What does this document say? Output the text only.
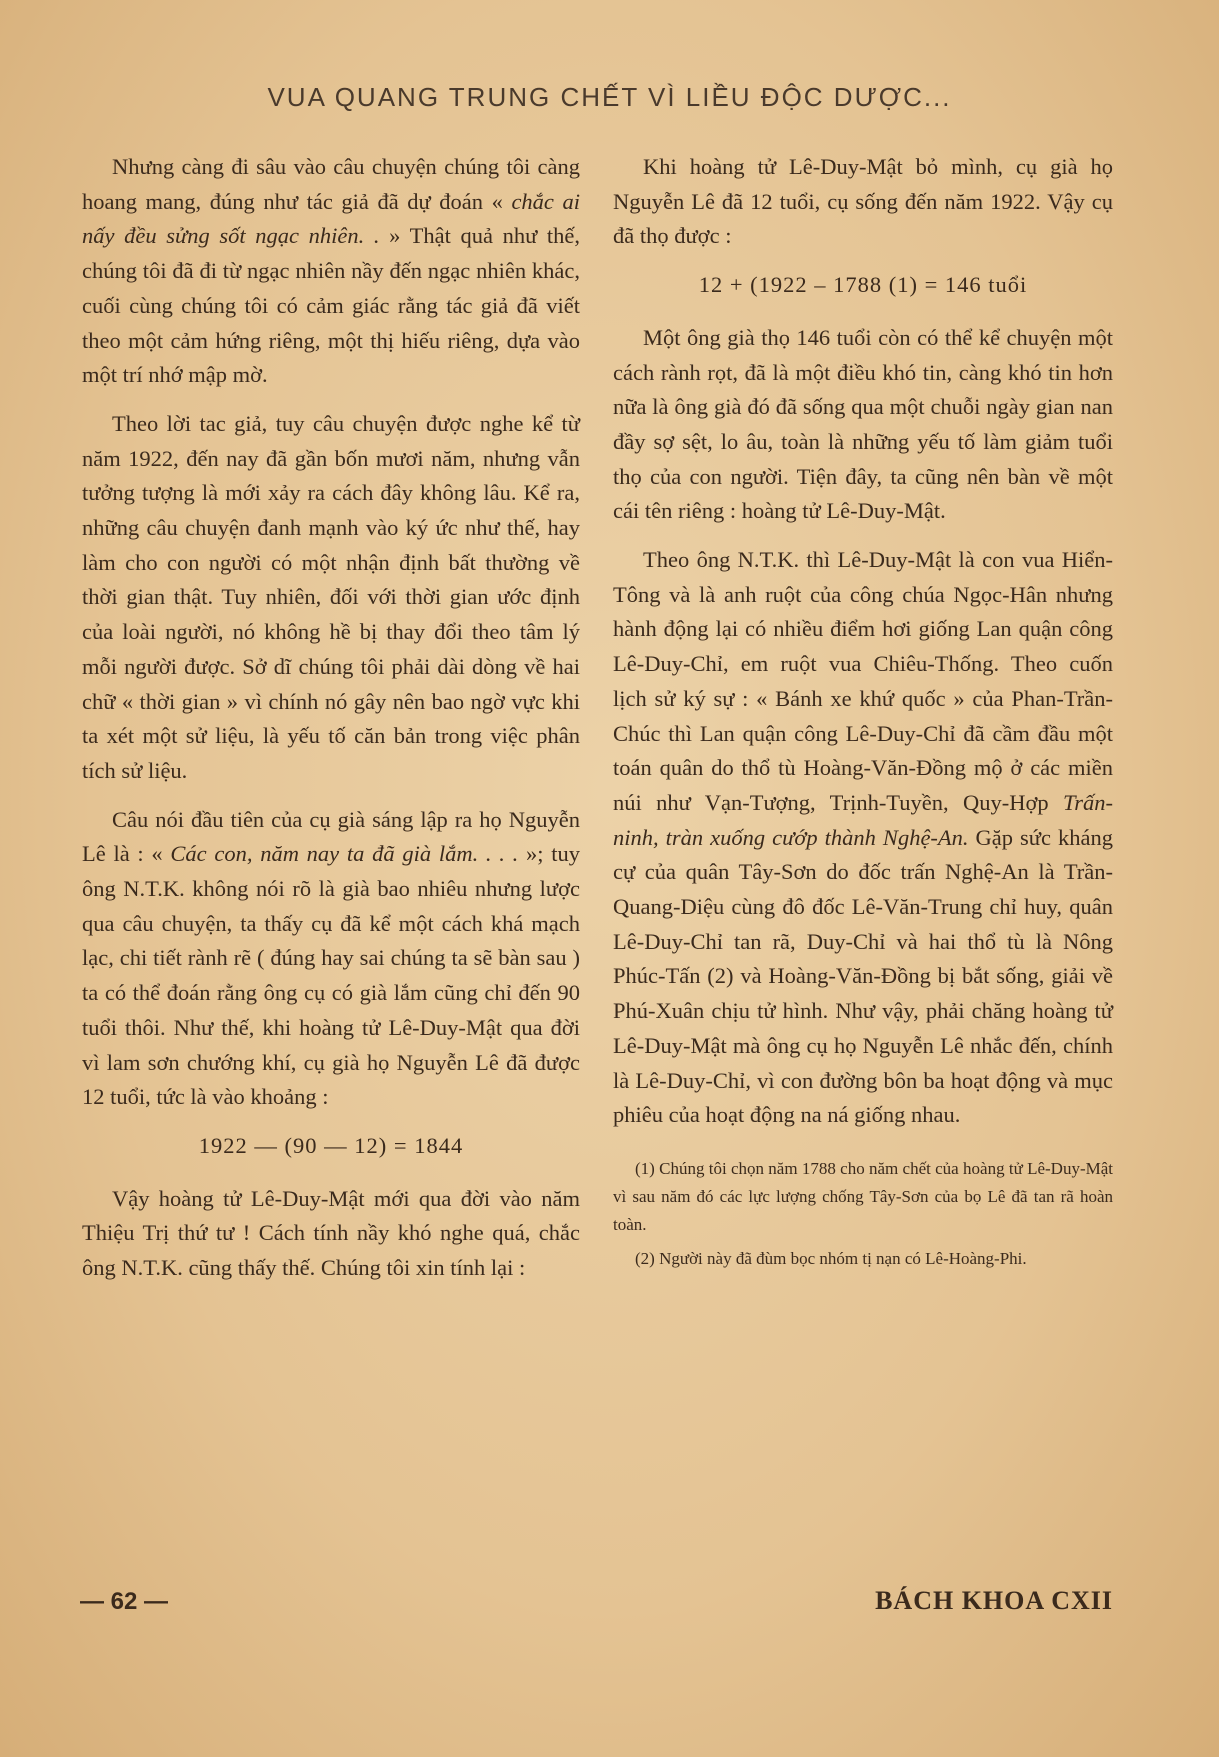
VUA QUANG TRUNG CHẾT VÌ LIỀU ĐỘC DƯỢC...

Nhưng càng đi sâu vào câu chuyện chúng tôi càng hoang mang, đúng như tác giả đã dự đoán « chắc ai nấy đều sửng sốt ngạc nhiên. . » Thật quả như thế, chúng tôi đã đi từ ngạc nhiên nầy đến ngạc nhiên khác, cuối cùng chúng tôi có cảm giác rằng tác giả đã viết theo một cảm hứng riêng, một thị hiếu riêng, dựa vào một trí nhớ mập mờ.

Theo lời tac giả, tuy câu chuyện được nghe kể từ năm 1922, đến nay đã gần bốn mươi năm, nhưng vẫn tưởng tượng là mới xảy ra cách đây không lâu. Kể ra, những câu chuyện đanh mạnh vào ký ức như thế, hay làm cho con người có một nhận định bất thường về thời gian thật. Tuy nhiên, đối với thời gian ước định của loài người, nó không hề bị thay đổi theo tâm lý mỗi người được. Sở dĩ chúng tôi phải dài dòng về hai chữ « thời gian » vì chính nó gây nên bao ngờ vực khi ta xét một sử liệu, là yếu tố căn bản trong việc phân tích sử liệu.

Câu nói đầu tiên của cụ già sáng lập ra họ Nguyễn Lê là : « Các con, năm nay ta đã già lắm. . . . »; tuy ông N.T.K. không nói rõ là già bao nhiêu nhưng lược qua câu chuyện, ta thấy cụ đã kể một cách khá mạch lạc, chi tiết rành rẽ ( đúng hay sai chúng ta sẽ bàn sau ) ta có thể đoán rằng ông cụ có già lắm cũng chỉ đến 90 tuổi thôi. Như thế, khi hoàng tử Lê-Duy-Mật qua đời vì lam sơn chướng khí, cụ già họ Nguyễn Lê đã được 12 tuổi, tức là vào khoảng :

1922 — (90 — 12) = 1844

Vậy hoàng tử Lê-Duy-Mật mới qua đời vào năm Thiệu Trị thứ tư ! Cách tính nầy khó nghe quá, chắc ông N.T.K. cũng thấy thế. Chúng tôi xin tính lại :

Khi hoàng tử Lê-Duy-Mật bỏ mình, cụ già họ Nguyễn Lê đã 12 tuổi, cụ sống đến năm 1922. Vậy cụ đã thọ được :

12 + (1922 – 1788 (1) = 146 tuổi

Một ông già thọ 146 tuổi còn có thể kể chuyện một cách rành rọt, đã là một điều khó tin, càng khó tin hơn nữa là ông già đó đã sống qua một chuỗi ngày gian nan đầy sợ sệt, lo âu, toàn là những yếu tố làm giảm tuổi thọ của con người. Tiện đây, ta cũng nên bàn về một cái tên riêng : hoàng tử Lê-Duy-Mật.

Theo ông N.T.K. thì Lê-Duy-Mật là con vua Hiển-Tông và là anh ruột của công chúa Ngọc-Hân nhưng hành động lại có nhiều điểm hơi giống Lan quận công Lê-Duy-Chỉ, em ruột vua Chiêu-Thống. Theo cuốn lịch sử ký sự : « Bánh xe khứ quốc » của Phan-Trần-Chúc thì Lan quận công Lê-Duy-Chỉ đã cầm đầu một toán quân do thổ tù Hoàng-Văn-Đồng mộ ở các miền núi như Vạn-Tượng, Trịnh-Tuyền, Quy-Hợp Trấn-ninh, tràn xuống cướp thành Nghệ-An. Gặp sức kháng cự của quân Tây-Sơn do đốc trấn Nghệ-An là Trần-Quang-Diệu cùng đô đốc Lê-Văn-Trung chỉ huy, quân Lê-Duy-Chỉ tan rã, Duy-Chỉ và hai thổ tù là Nông Phúc-Tấn (2) và Hoàng-Văn-Đồng bị bắt sống, giải về Phú-Xuân chịu tử hình. Như vậy, phải chăng hoàng tử Lê-Duy-Mật mà ông cụ họ Nguyễn Lê nhắc đến, chính là Lê-Duy-Chỉ, vì con đường bôn ba hoạt động và mục phiêu của hoạt động na ná giống nhau.

(1) Chúng tôi chọn năm 1788 cho năm chết của hoàng tử Lê-Duy-Mật vì sau năm đó các lực lượng chống Tây-Sơn của bọ Lê đã tan rã hoàn toàn.

(2) Người này đã đùm bọc nhóm tị nạn có Lê-Hoàng-Phi.

— 62 —	BÁCH KHOA CXII
